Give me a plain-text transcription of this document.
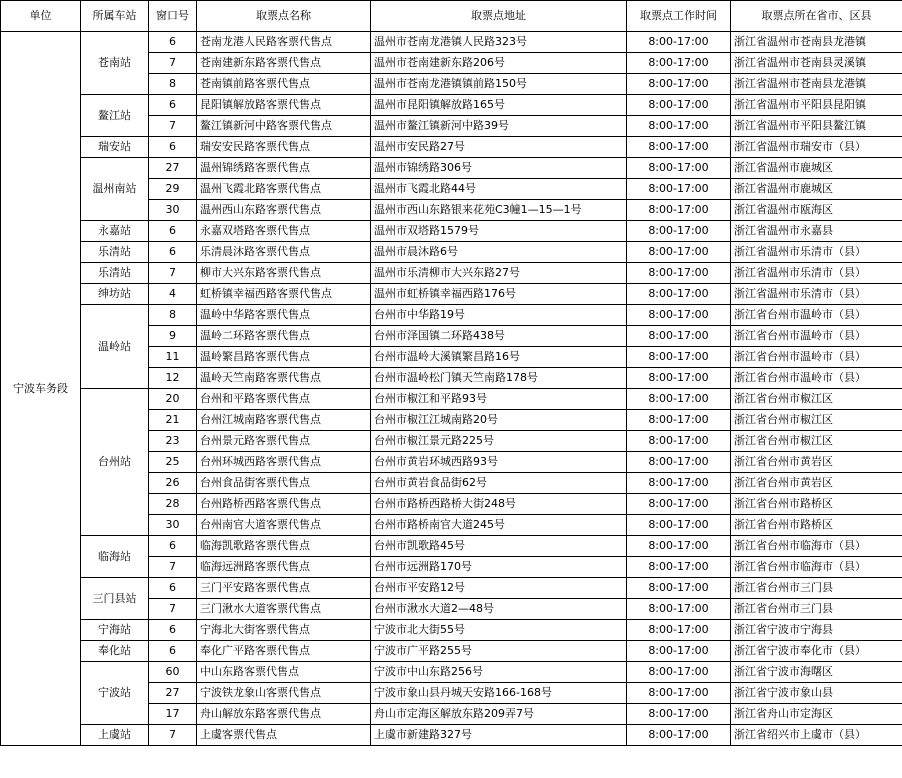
单位	所属车站	窗口号	取票点名称	取票点地址	取票点工作时间	取票点所在省市、区县
宁波车务段	苍南站	6	苍南龙港人民路客票代售点	温州市苍南龙港镇人民路323号	8:00-17:00	浙江省温州市苍南县龙港镇
		7	苍南建新东路客票代售点	温州市苍南建新东路206号	8:00-17:00	浙江省温州市苍南县灵溪镇
		8	苍南镇前路客票代售点	温州市苍南龙港镇镇前路150号	8:00-17:00	浙江省温州市苍南县龙港镇
	鳌江站	6	昆阳镇解放路客票代售点	温州市昆阳镇解放路165号	8:00-17:00	浙江省温州市平阳县昆阳镇
		7	鳌江镇新河中路客票代售点	温州市鳌江镇新河中路39号	8:00-17:00	浙江省温州市平阳县鳌江镇
	瑞安站	6	瑞安安民路客票代售点	温州市安民路27号	8:00-17:00	浙江省温州市瑞安市（县）
	温州南站	27	温州锦绣路客票代售点	温州市锦绣路306号	8:00-17:00	浙江省温州市鹿城区
		29	温州飞霞北路客票代售点	温州市飞霞北路44号	8:00-17:00	浙江省温州市鹿城区
		30	温州西山东路客票代售点	温州市西山东路银来花苑C3幢1—15—1号	8:00-17:00	浙江省温州市瓯海区
	永嘉站	6	永嘉双塔路客票代售点	温州市双塔路1579号	8:00-17:00	浙江省温州市永嘉县
	乐清站	6	乐清晨沐路客票代售点	温州市晨沐路6号	8:00-17:00	浙江省温州市乐清市（县）
	乐清站	7	柳市大兴东路客票代售点	温州市乐清柳市大兴东路27号	8:00-17:00	浙江省温州市乐清市（县）
	绅坊站	4	虹桥镇幸福西路客票代售点	温州市虹桥镇幸福西路176号	8:00-17:00	浙江省温州市乐清市（县）
	温岭站	8	温岭中华路客票代售点	台州市中华路19号	8:00-17:00	浙江省台州市温岭市（县）
		9	温岭二环路客票代售点	台州市泽国镇二环路438号	8:00-17:00	浙江省台州市温岭市（县）
		11	温岭繁昌路客票代售点	台州市温岭大溪镇繁昌路16号	8:00-17:00	浙江省台州市温岭市（县）
		12	温岭天竺南路客票代售点	台州市温岭松门镇天竺南路178号	8:00-17:00	浙江省台州市温岭市（县）
	台州站	20	台州和平路客票代售点	台州市椒江和平路93号	8:00-17:00	浙江省台州市椒江区
		21	台州江城南路客票代售点	台州市椒江江城南路20号	8:00-17:00	浙江省台州市椒江区
		23	台州景元路客票代售点	台州市椒江景元路225号	8:00-17:00	浙江省台州市椒江区
		25	台州环城西路客票代售点	台州市黄岩环城西路93号	8:00-17:00	浙江省台州市黄岩区
		26	台州食品街客票代售点	台州市黄岩食品街62号	8:00-17:00	浙江省台州市黄岩区
		28	台州路桥西路客票代售点	台州市路桥西路桥大街248号	8:00-17:00	浙江省台州市路桥区
		30	台州南官大道客票代售点	台州市路桥南官大道245号	8:00-17:00	浙江省台州市路桥区
	临海站	6	临海凯歌路客票代售点	台州市凯歌路45号	8:00-17:00	浙江省台州市临海市（县）
		7	临海远洲路客票代售点	台州市远洲路170号	8:00-17:00	浙江省台州市临海市（县）
	三门县站	6	三门平安路客票代售点	台州市平安路12号	8:00-17:00	浙江省台州市三门县
		7	三门湫水大道客票代售点	台州市湫水大道2—48号	8:00-17:00	浙江省台州市三门县
	宁海站	6	宁海北大街客票代售点	宁波市北大街55号	8:00-17:00	浙江省宁波市宁海县
	奉化站	6	奉化广平路客票代售点	宁波市广平路255号	8:00-17:00	浙江省宁波市奉化市（县）
	宁波站	60	中山东路客票代售点	宁波市中山东路256号	8:00-17:00	浙江省宁波市海曙区
		27	宁波铁龙象山客票代售点	宁波市象山县丹城天安路166-168号	8:00-17:00	浙江省宁波市象山县
		17	舟山解放东路客票代售点	舟山市定海区解放东路209弄7号	8:00-17:00	浙江省舟山市定海区
	上虞站	7	上虞客票代售点	上虞市新建路327号	8:00-17:00	浙江省绍兴市上虞市（县）
